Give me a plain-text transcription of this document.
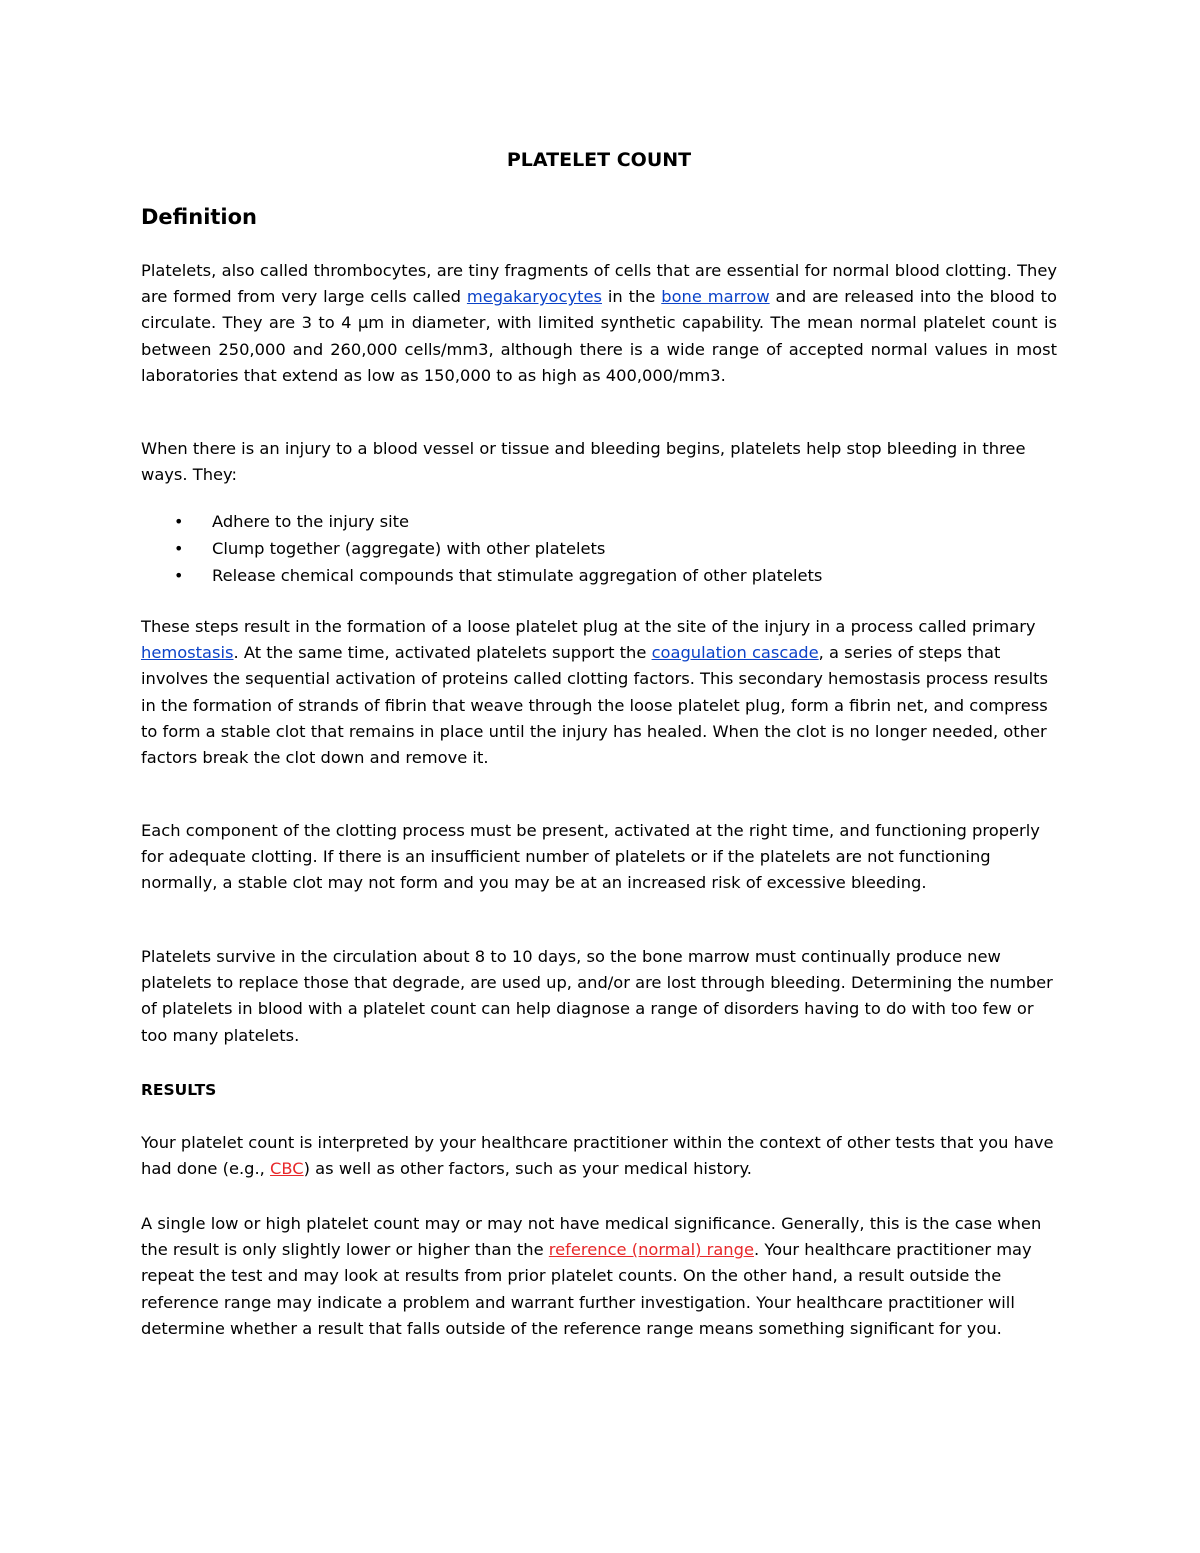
PLATELET COUNT
Definition

Platelets, also called thrombocytes, are tiny fragments of cells that are essential for normal blood clotting. They are formed from very large cells called megakaryocytes in the bone marrow and are released into the blood to circulate. They are 3 to 4 µm in diameter, with limited synthetic capability. The mean normal platelet count is between 250,000 and 260,000 cells/mm3, although there is a wide range of accepted normal values in most laboratories that extend as low as 150,000 to as high as 400,000/mm3.

When there is an injury to a blood vessel or tissue and bleeding begins, platelets help stop bleeding in three ways. They:

• Adhere to the injury site
• Clump together (aggregate) with other platelets
• Release chemical compounds that stimulate aggregation of other platelets

These steps result in the formation of a loose platelet plug at the site of the injury in a process called primary hemostasis. At the same time, activated platelets support the coagulation cascade, a series of steps that involves the sequential activation of proteins called clotting factors. This secondary hemostasis process results in the formation of strands of fibrin that weave through the loose platelet plug, form a fibrin net, and compress to form a stable clot that remains in place until the injury has healed. When the clot is no longer needed, other factors break the clot down and remove it.

Each component of the clotting process must be present, activated at the right time, and functioning properly for adequate clotting. If there is an insufficient number of platelets or if the platelets are not functioning normally, a stable clot may not form and you may be at an increased risk of excessive bleeding.

Platelets survive in the circulation about 8 to 10 days, so the bone marrow must continually produce new platelets to replace those that degrade, are used up, and/or are lost through bleeding. Determining the number of platelets in blood with a platelet count can help diagnose a range of disorders having to do with too few or too many platelets.

RESULTS

Your platelet count is interpreted by your healthcare practitioner within the context of other tests that you have had done (e.g., CBC) as well as other factors, such as your medical history.

A single low or high platelet count may or may not have medical significance. Generally, this is the case when the result is only slightly lower or higher than the reference (normal) range. Your healthcare practitioner may repeat the test and may look at results from prior platelet counts. On the other hand, a result outside the reference range may indicate a problem and warrant further investigation. Your healthcare practitioner will determine whether a result that falls outside of the reference range means something significant for you.
